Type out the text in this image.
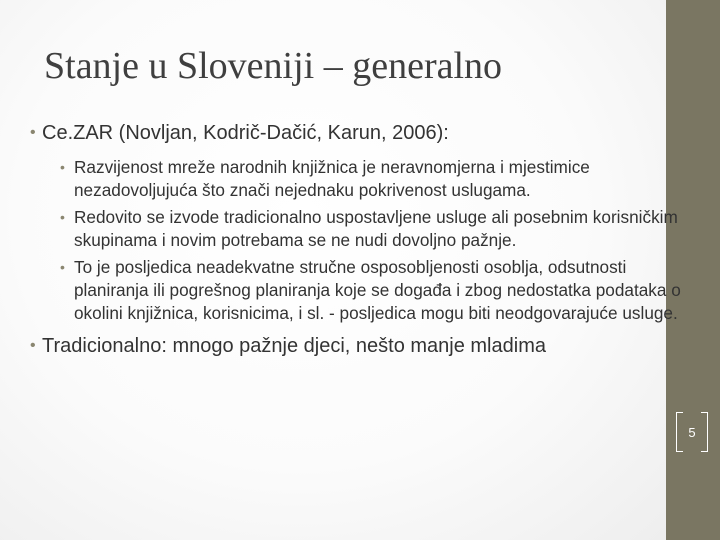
5
Stanje u Sloveniji – generalno
• Ce.ZAR (Novljan, Kodrič-Dačić, Karun, 2006):
• Razvijenost mreže narodnih knjižnica je neravnomjerna i mjestimice nezadovoljujuća što znači nejednaku pokrivenost uslugama.
• Redovito se izvode tradicionalno uspostavljene usluge ali posebnim korisničkim skupinama i novim potrebama se ne nudi dovoljno pažnje.
• To je posljedica neadekvatne stručne osposobljenosti osoblja, odsutnosti planiranja ili pogrešnog planiranja koje se događa i zbog nedostatka podataka o okolini knjižnica, korisnicima, i sl. - posljedica mogu biti neodgovarajuće usluge.
• Tradicionalno: mnogo pažnje djeci, nešto manje mladima
